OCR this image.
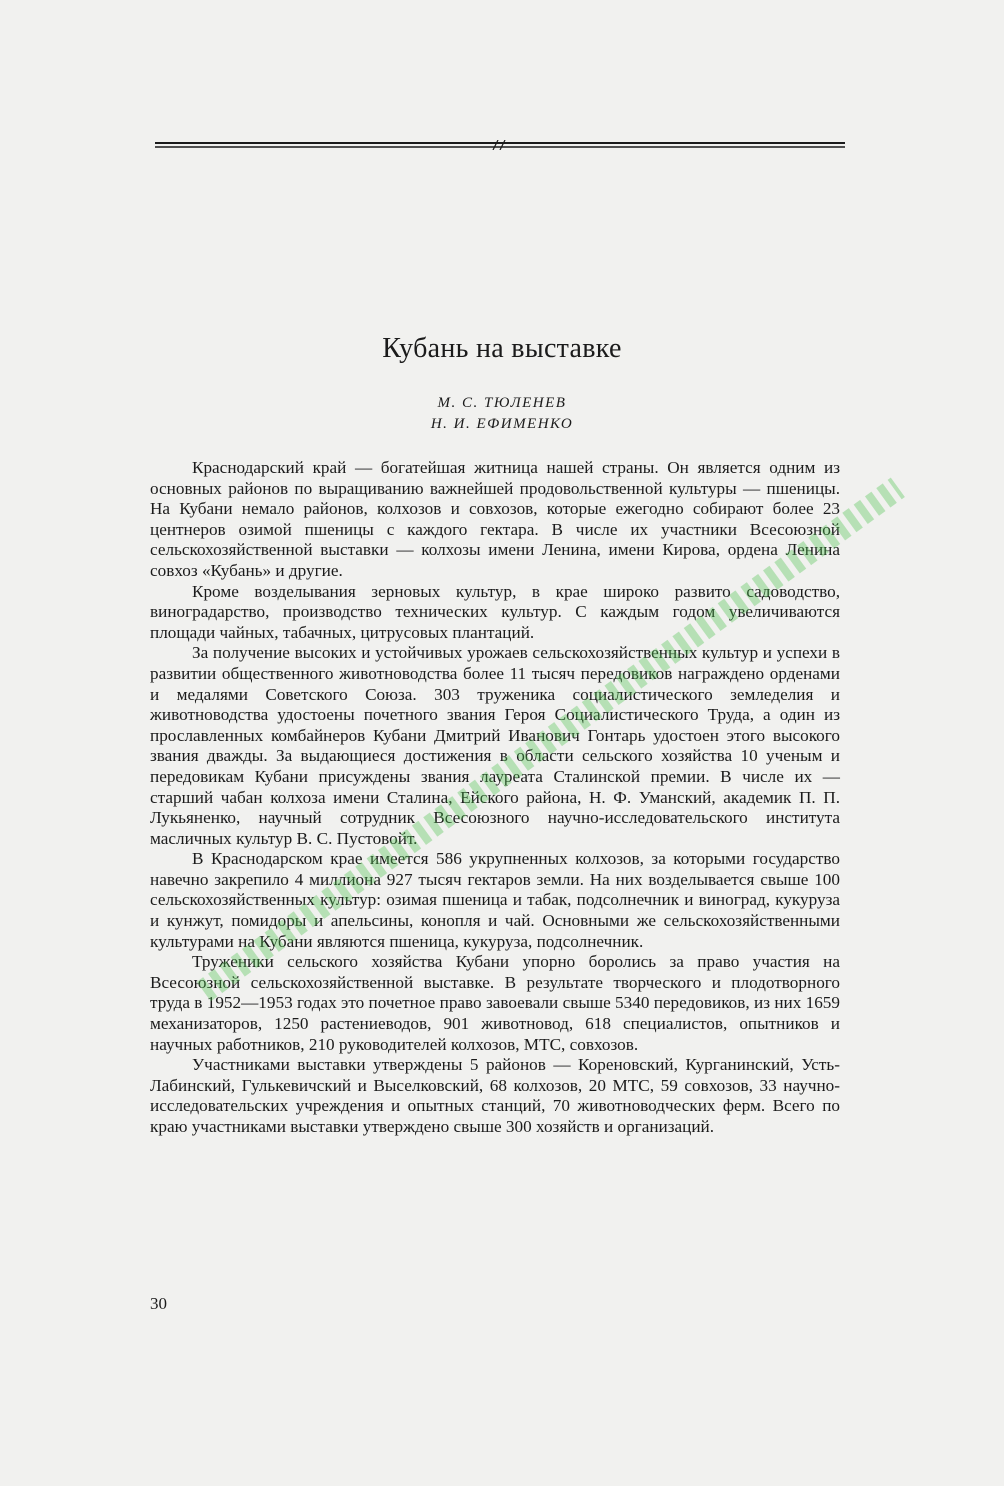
Кубань на выставке
М. С. ТЮЛЕНЕВ
Н. И. ЕФИМЕНКО

Краснодарский край — богатейшая житница нашей страны. Он является одним из основных районов по выращиванию важнейшей продовольственной культуры — пшеницы. На Кубани немало районов, колхозов и совхозов, которые ежегодно собирают более 23 центнеров озимой пшеницы с каждого гектара. В числе их участники Всесоюзной сельскохозяйственной выставки — колхозы имени Ленина, имени Кирова, ордена Ленина совхоз «Кубань» и другие.

Кроме возделывания зерновых культур, в крае широко развито садоводство, виноградарство, производство технических культур. С каждым годом увеличиваются площади чайных, табачных, цитрусовых плантаций.

За получение высоких и устойчивых урожаев сельскохозяйственных культур и успехи в развитии общественного животноводства более 11 тысяч передовиков награждено орденами и медалями Советского Союза. 303 труженика социалистического земледелия и животноводства удостоены почетного звания Героя Социалистического Труда, а один из прославленных комбайнеров Кубани Дмитрий Иванович Гонтарь удостоен этого высокого звания дважды. За выдающиеся достижения в области сельского хозяйства 10 ученым и передовикам Кубани присуждены звания лауреата Сталинской премии. В числе их — старший чабан колхоза имени Сталина, Ейского района, Н. Ф. Уманский, академик П. П. Лукьяненко, научный сотрудник Всесоюзного научно-исследовательского института масличных культур В. С. Пустовойт.

В Краснодарском крае имеется 586 укрупненных колхозов, за которыми государство навечно закрепило 4 миллиона 927 тысяч гектаров земли. На них возделывается свыше 100 сельскохозяйственных культур: озимая пшеница и табак, подсолнечник и виноград, кукуруза и кунжут, помидоры и апельсины, конопля и чай. Основными же сельскохозяйственными культурами на Кубани являются пшеница, кукуруза, подсолнечник.

Труженики сельского хозяйства Кубани упорно боролись за право участия на Всесоюзной сельскохозяйственной выставке. В результате творческого и плодотворного труда в 1952—1953 годах это почетное право завоевали свыше 5340 передовиков, из них 1659 механизаторов, 1250 растениеводов, 901 животновод, 618 специалистов, опытников и научных работников, 210 руководителей колхозов, МТС, совхозов.

Участниками выставки утверждены 5 районов — Кореновский, Курганинский, Усть-Лабинский, Гулькевичский и Выселковский, 68 колхозов, 20 МТС, 59 совхозов, 33 научно-исследовательских учреждения и опытных станций, 70 животноводческих ферм. Всего по краю участниками выставки утверждено свыше 300 хозяйств и организаций.

30
